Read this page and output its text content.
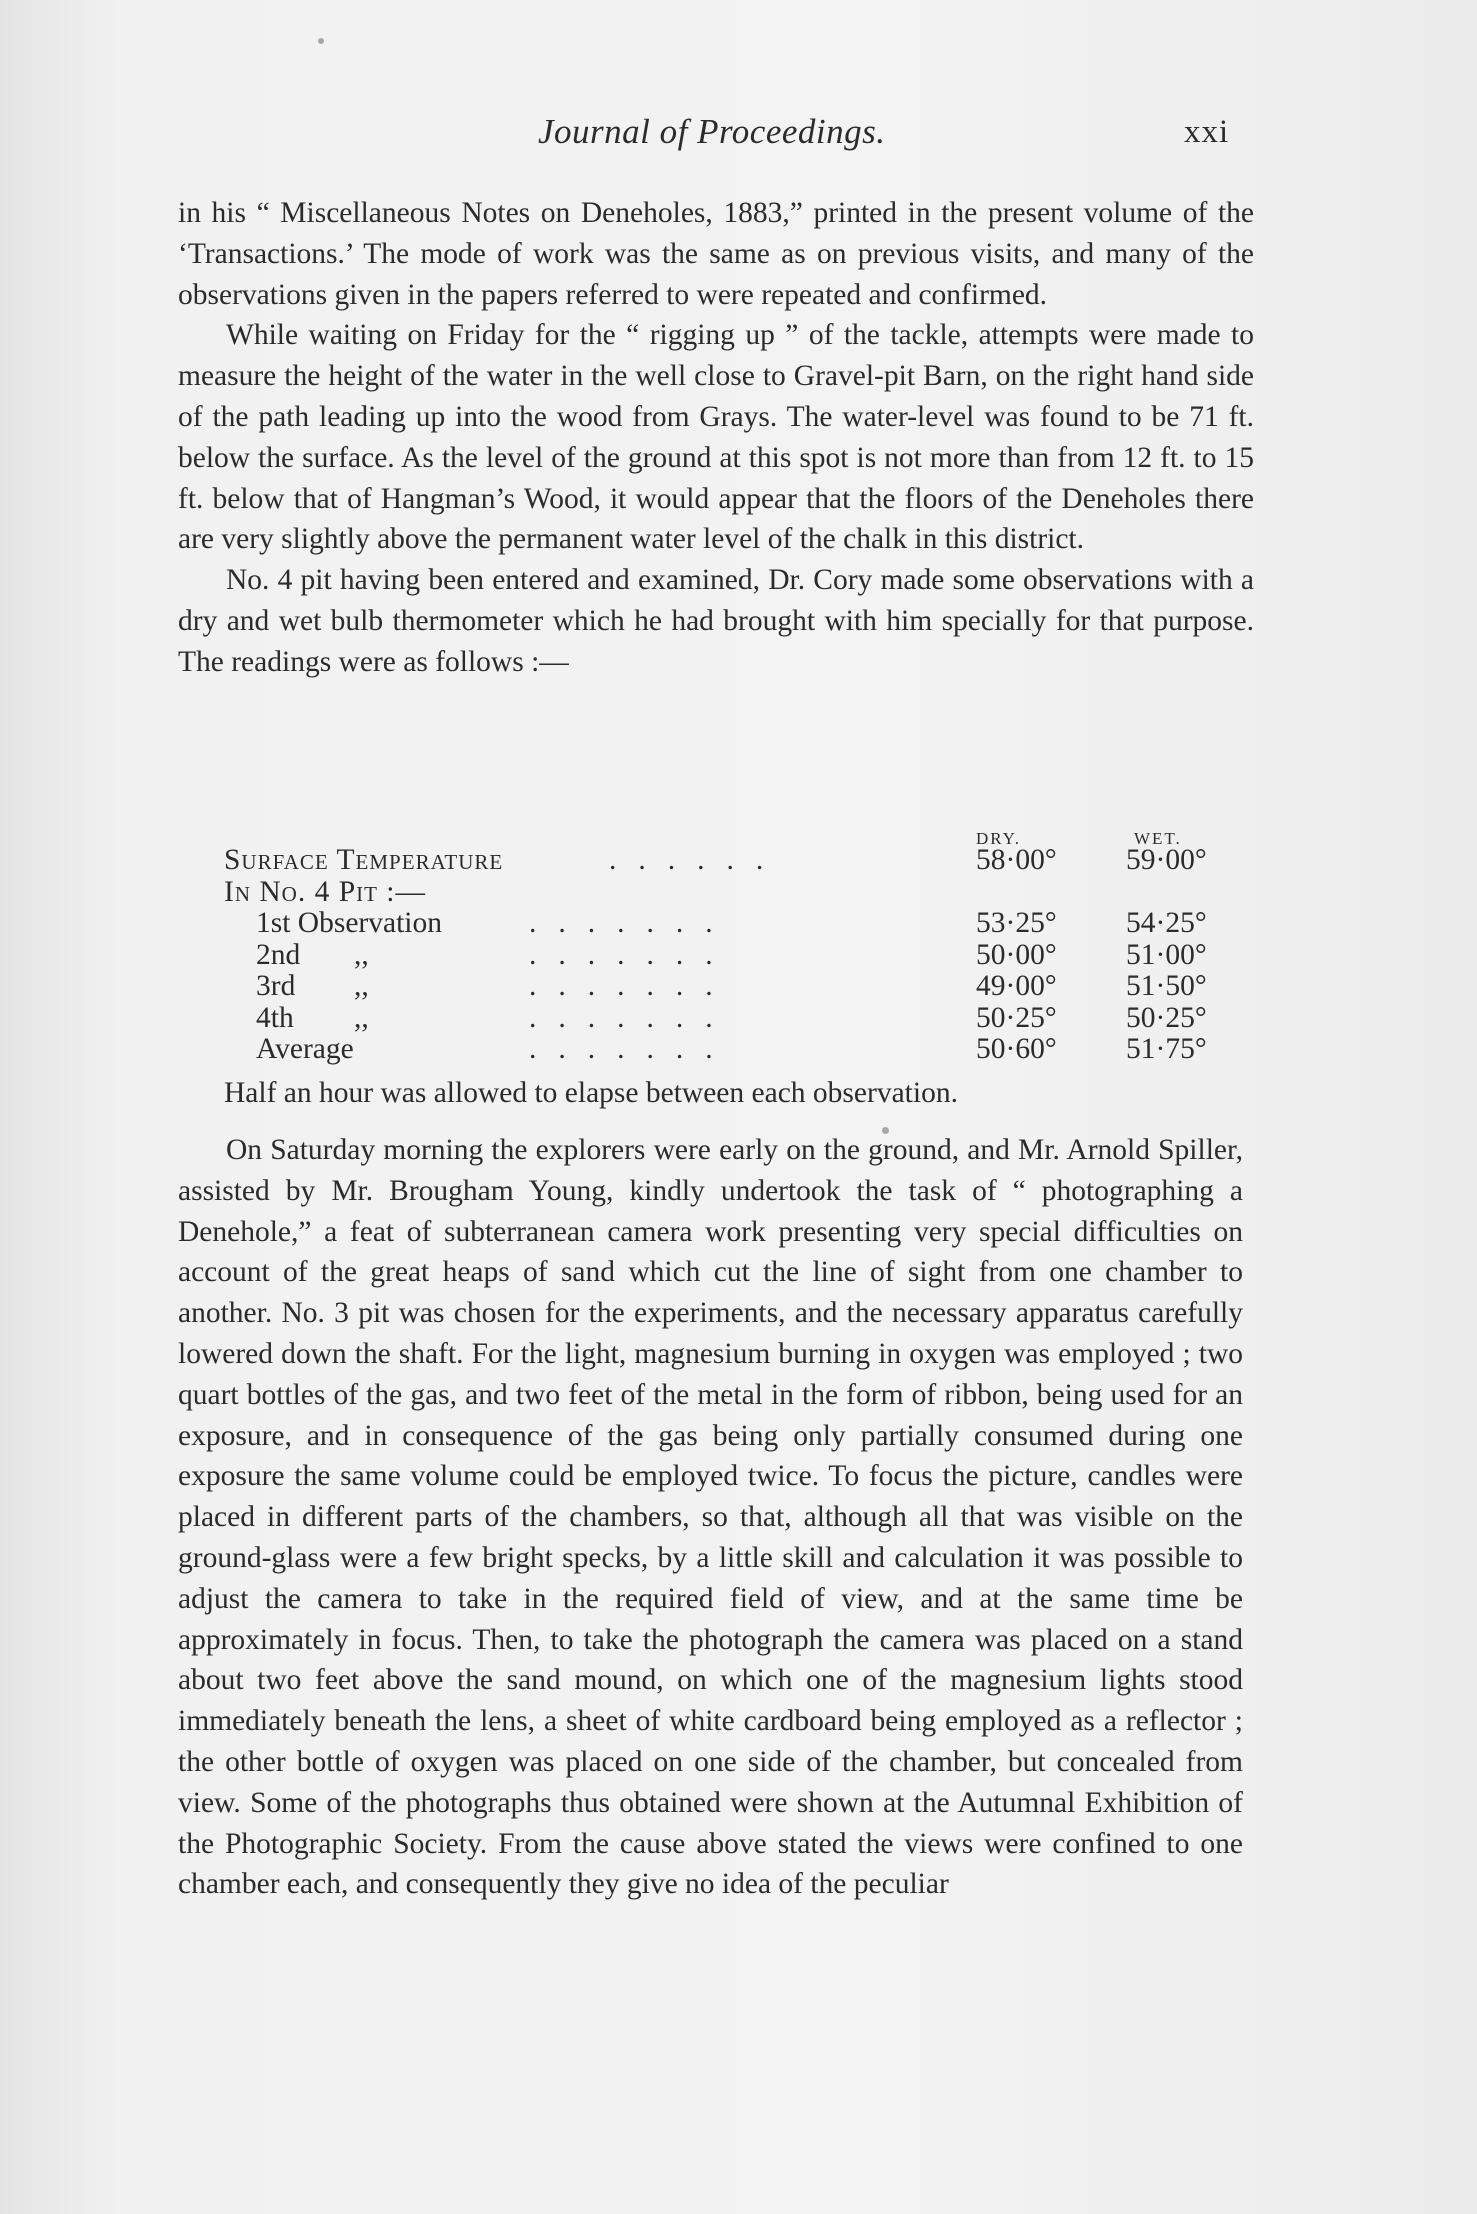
Journal of Proceedings.	xxi

in his “ Miscellaneous Notes on Deneholes, 1883,” printed in the present volume of the ‘Transactions.’ The mode of work was the same as on previous visits, and many of the observations given in the papers referred to were repeated and confirmed.

While waiting on Friday for the “ rigging up ” of the tackle, attempts were made to measure the height of the water in the well close to Gravel-pit Barn, on the right hand side of the path leading up into the wood from Grays. The water-level was found to be 71 ft. below the surface. As the level of the ground at this spot is not more than from 12 ft. to 15 ft. below that of Hangman’s Wood, it would appear that the floors of the Deneholes there are very slightly above the permanent water level of the chalk in this district.

No. 4 pit having been entered and examined, Dr. Cory made some observations with a dry and wet bulb thermometer which he had brought with him specially for that purpose. The readings were as follows :—

DRY.	WET.
Surface Temperature	......	58·00° 59·00°
In No. 4 Pit :—
1st Observation	.......	53·25° 54·25°
2nd ,,	.......	50·00° 51·00°
3rd ,,	.......	49·00° 51·50°
4th ,,	.......	50·25° 50·25°
Average	.......	50·60° 51·75°
Half an hour was allowed to elapse between each observation.

On Saturday morning the explorers were early on the ground, and Mr. Arnold Spiller, assisted by Mr. Brougham Young, kindly undertook the task of “ photographing a Denehole,” a feat of subterranean camera work presenting very special difficulties on account of the great heaps of sand which cut the line of sight from one chamber to another. No. 3 pit was chosen for the experiments, and the necessary apparatus carefully lowered down the shaft. For the light, magnesium burning in oxygen was employed ; two quart bottles of the gas, and two feet of the metal in the form of ribbon, being used for an exposure, and in consequence of the gas being only partially consumed during one exposure the same volume could be employed twice. To focus the picture, candles were placed in different parts of the chambers, so that, although all that was visible on the ground-glass were a few bright specks, by a little skill and calculation it was possible to adjust the camera to take in the required field of view, and at the same time be approximately in focus. Then, to take the photograph the camera was placed on a stand about two feet above the sand mound, on which one of the magnesium lights stood immediately beneath the lens, a sheet of white cardboard being employed as a reflector ; the other bottle of oxygen was placed on one side of the chamber, but concealed from view. Some of the photographs thus obtained were shown at the Autumnal Exhibition of the Photographic Society. From the cause above stated the views were confined to one chamber each, and consequently they give no idea of the peculiar
